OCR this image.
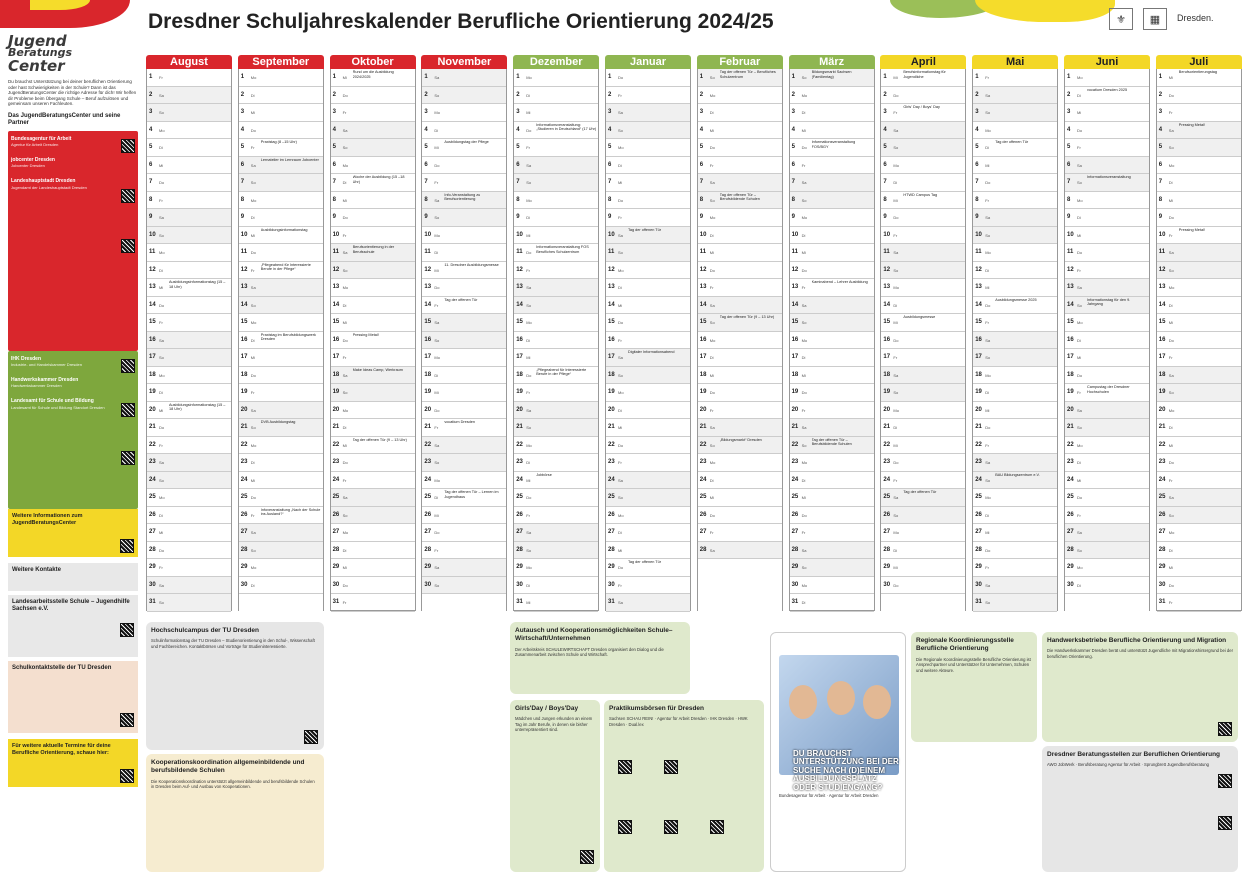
Dresdner Schuljahreskalender Berufliche Orientierung 2024/25	⚜	▦	Dresden.
Jugend
Beratungs
Center
Du brauchst Unterstützung bei deiner beruflichen Orientierung oder hast Schwierigkeiten in der Schule? Dann ist das JugendBeratungsCenter die richtige Adresse für dich! Wir helfen dir Probleme beim Übergang Schule – Beruf aufzulösen und gemeinsam unseren Fachleuten.
Das JugendBeratungsCenter und seine Partner
Bundesagentur für Arbeit
Agentur für Arbeit Dresden
jobcenter Dresden
Jobcenter Dresden
Landeshauptstadt Dresden
Jugendamt der Landeshauptstadt Dresden
IHK Dresden
Industrie- und Handelskammer Dresden
Handwerkskammer Dresden
Handwerkskammer Dresden
Landesamt für Schule und Bildung
Landesamt für Schule und Bildung Standort Dresden
Weitere Informationen zum JugendBeratungsCenter
Weitere Kontakte
Landesarbeitsstelle Schule – Jugendhilfe Sachsen e.V.
Schulkontaktstelle der TU Dresden
Für weitere aktuelle Termine für deine Berufliche Orientierung, schaue hier:
August
1 Fr
2 Sa
3 So
4 Mo
5 Di
6 Mi
7 Do
8 Fr
9 Sa
10 So
11 Mo
12 Di
13 Mi
Ausbildungsinformationstag (15 – 18 Uhr)
14 Do
15 Fr
16 Sa
17 So
18 Mo
19 Di
20 Mi
Ausbildungsinformationstag (15 – 18 Uhr)
21 Do
22 Fr
23 Sa
24 So
25 Mo
26 Di
27 Mi
28 Do
29 Fr
30 Sa
31 So
September
1 Mo
2 Di
3 Mi
4 Do
5 Fr
Praxistag (8 –15 Uhr)
6 Sa
Lernatelier im Lernraum Jobcenter
7 So
8 Mo
9 Di
10 Mi
Ausbildungsinformationstag
11 Do
12 Fr
„Pflegeabend für Interessierte Berufe in der Pflege“
13 Sa
14 So
15 Mo
16 Di
Praxistag im Berufsbildungswerk Dresden
17 Mi
18 Do
19 Fr
20 Sa
21 So
DVB Ausbildungstag
22 Mo
23 Di
24 Mi
25 Do
26 Fr
Infoveranstaltung „Nach der Schule ins Ausland?“
27 Sa
28 So
29 Mo
30 Di
Oktober
1 Mi
Rund um die Ausbildung 2024/2025
2 Do
3 Fr
4 Sa
5 So
6 Mo
7 Di
Woche der Ausbildung (15 –18 Uhr)
8 Mi
9 Do
10 Fr
11 Sa
Berufsorientierung in der Berufsschule
12 So
13 Mo
14 Di
15 Mi
16 Do
Pressing Metal!
17 Fr
18 Sa
Make Ideas Camp, Werkraum
19 So
20 Mo
21 Di
22 Mi
Tag der offenen Tür (9 – 13 Uhr)
23 Do
24 Fr
25 Sa
26 So
27 Mo
28 Di
29 Mi
30 Do
31 Fr
November
1 Sa
2 So
3 Mo
4 Di
5 Mi
Ausbildungstag der Pflege
6 Do
7 Fr
8 Sa
Info-Veranstaltung zu Berufsorientierung
9 So
10 Mo
11 Di
12 Mi
11. Dresdner Ausbildungsmesse
13 Do
14 Fr
Tag der offenen Tür
15 Sa
16 So
17 Mo
18 Di
19 Mi
20 Do
21 Fr
vocatium Dresden
22 Sa
23 So
24 Mo
25 Di
Tag der offenen Tür – Lernen im Jugendhaus
26 Mi
27 Do
28 Fr
29 Sa
30 So
Dezember
1 Mo
2 Di
3 Mi
4 Do
Informationsveranstaltung: „Studieren in Deutschland“ (17 Uhr)
5 Fr
6 Sa
7 So
8 Mo
9 Di
10 Mi
11 Do
Informationsveranstaltung FOS Berufliches Schulzentrum
12 Fr
13 Sa
14 So
15 Mo
16 Di
17 Mi
18 Do
„Pflegeabend für Interessierte Berufe in der Pflege“
19 Fr
20 Sa
21 So
22 Mo
23 Di
24 Mi
Jobbörse
25 Do
26 Fr
27 Sa
28 So
29 Mo
30 Di
31 Mi
Januar
1 Do
2 Fr
3 Sa
4 So
5 Mo
6 Di
7 Mi
8 Do
9 Fr
10 Sa
Tag der offenen Tür
11 So
12 Mo
13 Di
14 Mi
15 Do
16 Fr
17 Sa
Digitaler Informationsabend
18 So
19 Mo
20 Di
21 Mi
22 Do
23 Fr
24 Sa
25 So
26 Mo
27 Di
28 Mi
29 Do
Tag der offenen Tür
30 Fr
31 Sa
Februar
1 So
Tag der offenen Tür – Berufliches Schulzentrum
2 Mo
3 Di
4 Mi
5 Do
6 Fr
7 Sa
8 So
Tag der offenen Tür – Berufsbildende Schulen
9 Mo
10 Di
11 Mi
12 Do
13 Fr
14 Sa
15 So
Tag der offenen Tür (9 – 13 Uhr)
16 Mo
17 Di
18 Mi
19 Do
20 Fr
21 Sa
22 So
„Bildungsmarkt“ Dresden
23 Mo
24 Di
25 Mi
26 Do
27 Fr
28 Sa
März
1 So
Bildungsmarkt Sachsen (Familientag)
2 Mo
3 Di
4 Mi
5 Do
Informationsveranstaltung FOS/BGY
6 Fr
7 Sa
8 So
9 Mo
10 Di
11 Mi
12 Do
13 Fr
Kaminabend – Lehrer Ausbildung
14 Sa
15 So
16 Mo
17 Di
18 Mi
19 Do
20 Fr
21 Sa
22 So
Tag der offenen Tür – Berufsbildende Schulen
23 Mo
24 Di
25 Mi
26 Do
27 Fr
28 Sa
29 So
30 Mo
31 Di
April
1 Mi
Berufsinformationstag für Jugendliche
2 Do
3 Fr
Girls' Day / Boys' Day
4 Sa
5 So
6 Mo
7 Di
8 Mi
HTWD Campus Tag
9 Do
10 Fr
11 Sa
12 So
13 Mo
14 Di
15 Mi
Ausbildungsmesse
16 Do
17 Fr
18 Sa
19 So
20 Mo
21 Di
22 Mi
23 Do
24 Fr
25 Sa
Tag der offenen Tür
26 So
27 Mo
28 Di
29 Mi
30 Do
Mai
1 Fr
2 Sa
3 So
4 Mo
5 Di
Tag der offenen Tür
6 Mi
7 Do
8 Fr
9 Sa
10 So
11 Mo
12 Di
13 Mi
14 Do
Ausbildungsmesse 2025
15 Fr
16 Sa
17 So
18 Mo
19 Di
20 Mi
21 Do
22 Fr
23 Sa
24 So
BAU Bildungszentrum e.V.
25 Mo
26 Di
27 Mi
28 Do
29 Fr
30 Sa
31 So
Juni
1 Mo
2 Di
vocatium Dresden 2025
3 Mi
4 Do
5 Fr
6 Sa
7 So
Informationsveranstaltung
8 Mo
9 Di
10 Mi
11 Do
12 Fr
13 Sa
14 So
Informationstag für den 9. Jahrgang
15 Mo
16 Di
17 Mi
18 Do
19 Fr
Campustag der Dresdner Hochschulen
20 Sa
21 So
22 Mo
23 Di
24 Mi
25 Do
26 Fr
27 Sa
28 So
29 Mo
30 Di
Juli
1 Mi
Berufsorientierungstag
2 Do
3 Fr
4 Sa
Pressing Metal!
5 So
6 Mo
7 Di
8 Mi
9 Do
10 Fr
Pressing Metal!
11 Sa
12 So
13 Mo
14 Di
15 Mi
16 Do
17 Fr
18 Sa
19 So
20 Mo
21 Di
22 Mi
23 Do
24 Fr
25 Sa
26 So
27 Mo
28 Di
29 Mi
30 Do
31 Fr
Hochschulcampus der TU Dresden
Schulinformationstag der TU Dresden – Studienorientierung in den Schul-, Wissenschaft und Fachbereichen. Kontaktbörsen und Vorträge für Studieninteressierte.
Kooperationskoordination allgemeinbildende und berufsbildende Schulen
Die Kooperationskoordination unterstützt allgemeinbildende und berufsbildende Schulen in Dresden beim Auf- und Ausbau von Kooperationen.
Autausch und Kooperationsmöglichkeiten Schule–Wirtschaft/Unternehmen
Der Arbeitskreis SCHULEWIRTSCHAFT Dresden organisiert den Dialog und die Zusammenarbeit zwischen Schule und Wirtschaft.
Girls'Day / Boys'Day
Mädchen und Jungen erkunden an einem Tag im Jahr Berufe, in denen sie bisher unterrepräsentiert sind.
Praktikumsbörsen für Dresden
Sachsen SCHAU REIN! · Agentur für Arbeit Dresden · IHK Dresden · HWK Dresden · Dual.lex
DU BRAUCHST UNTERSTÜTZUNG BEI DER SUCHE NACH (D)EINEM AUSBILDUNGSPLATZ ODER STUDIENGANG?
Bundesagentur für Arbeit · Agentur für Arbeit Dresden
Regionale Koordinierungsstelle Berufliche Orientierung
Die Regionale Koordinierungsstelle Berufliche Orientierung ist Ansprechpartner und Unterstützer für Unternehmen, Schulen und weitere Akteure.
Handwerksbetriebe Berufliche Orientierung und Migration
Die Handwerkskammer Dresden berät und unterstützt Jugendliche mit Migrationshintergrund bei der beruflichen Orientierung.
Dresdner Beratungsstellen zur Beruflichen Orientierung
AWO JobWerk · Berufsberatung Agentur für Arbeit · Sprungbrett Jugendberufsberatung
